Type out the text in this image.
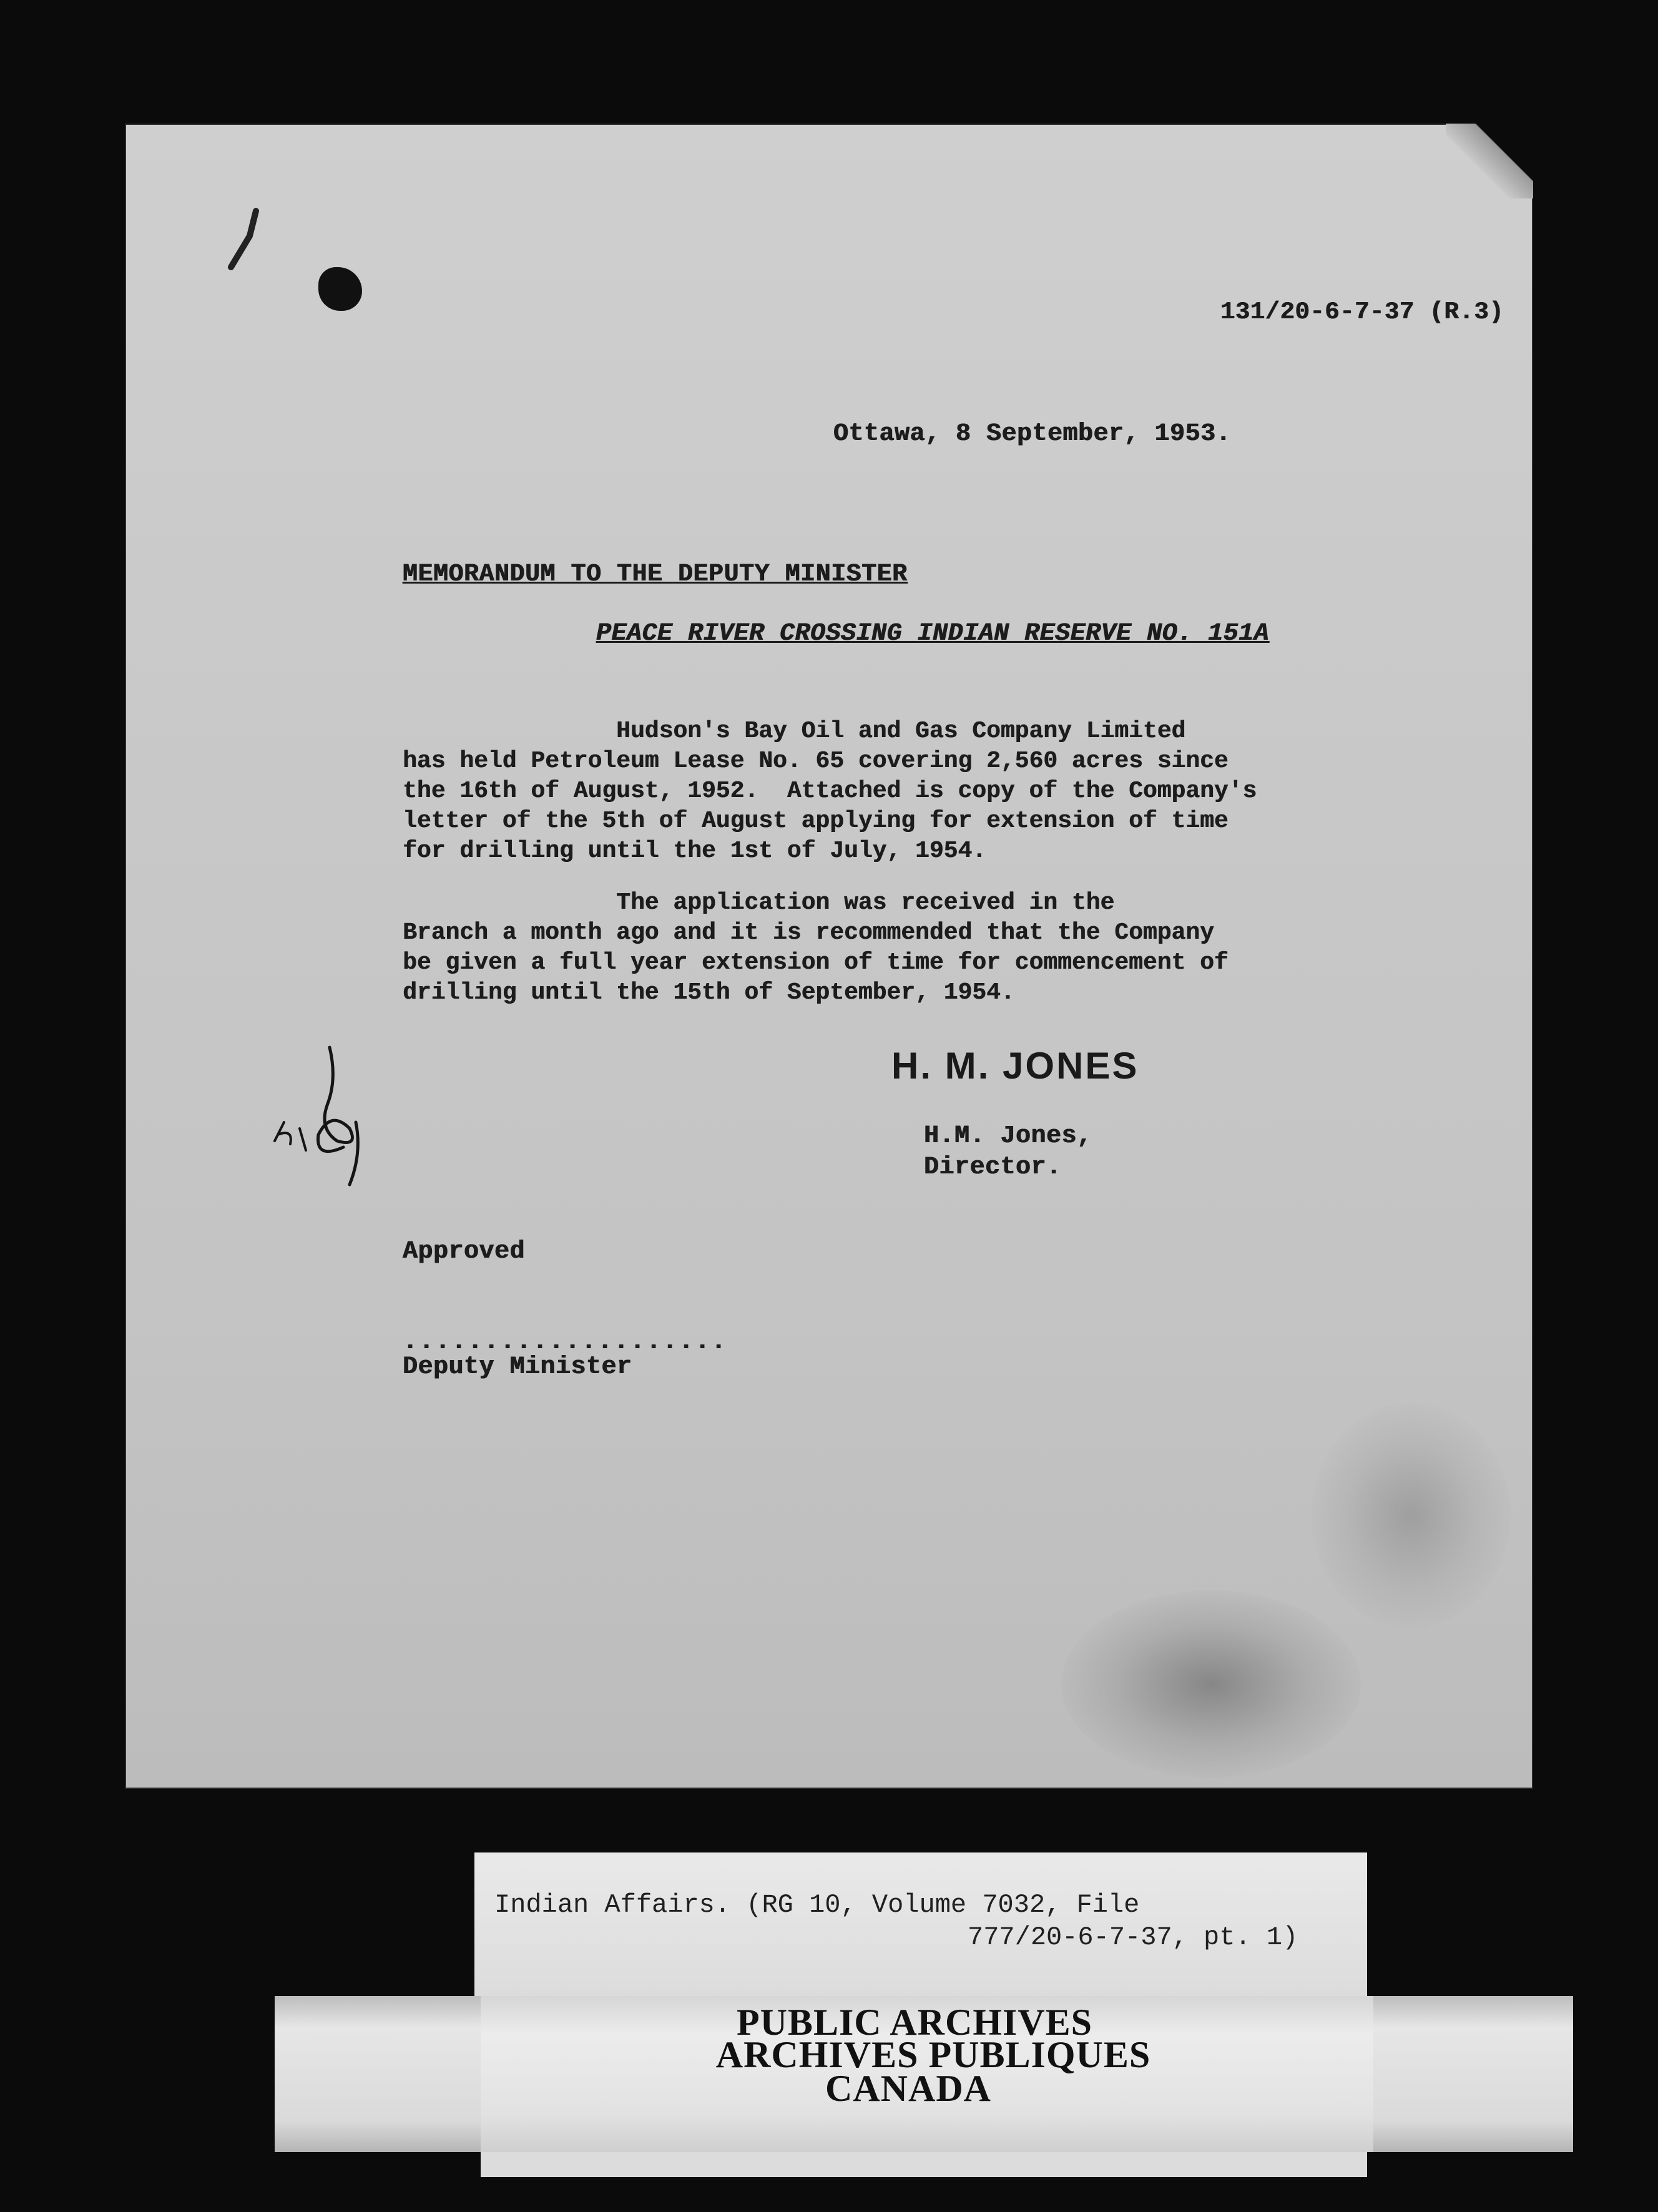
131/20-6-7-37 (R.3)
Ottawa, 8 September, 1953.
MEMORANDUM TO THE DEPUTY MINISTER
PEACE RIVER CROSSING INDIAN RESERVE NO. 151A
Hudson's Bay Oil and Gas Company Limited
has held Petroleum Lease No. 65 covering 2,560 acres since
the 16th of August, 1952.  Attached is copy of the Company's
letter of the 5th of August applying for extension of time
for drilling until the 1st of July, 1954.
The application was received in the
Branch a month ago and it is recommended that the Company
be given a full year extension of time for commencement of
drilling until the 15th of September, 1954.
H. M. JONES
H.M. Jones,
Director.
Approved
....................
Deputy Minister
Indian Affairs. (RG 10, Volume 7032, File
777/20-6-7-37, pt. 1)
PUBLIC ARCHIVES
ARCHIVES PUBLIQUES
CANADA
